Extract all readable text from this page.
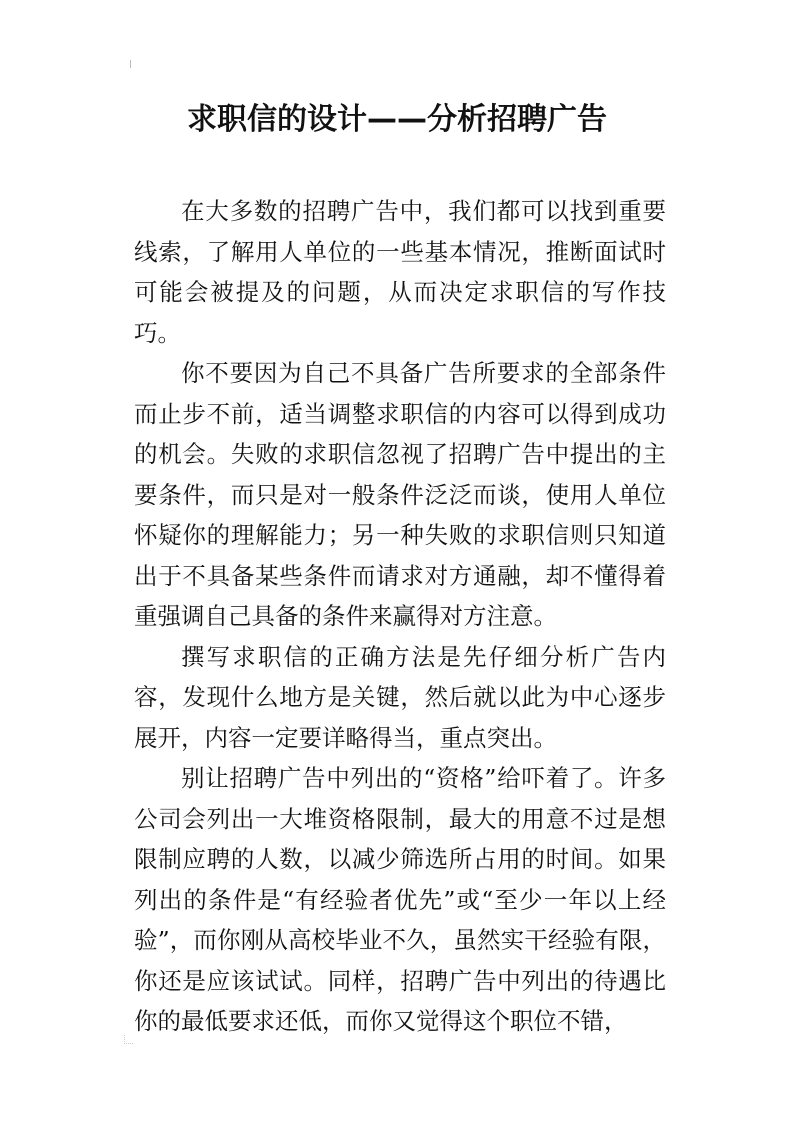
求职信的设计——分析招聘广告

在大多数的招聘广告中，我们都可以找到重要线索，了解用人单位的一些基本情况，推断面试时可能会被提及的问题，从而决定求职信的写作技巧。

你不要因为自己不具备广告所要求的全部条件而止步不前，适当调整求职信的内容可以得到成功的机会。失败的求职信忽视了招聘广告中提出的主要条件，而只是对一般条件泛泛而谈，使用人单位怀疑你的理解能力；另一种失败的求职信则只知道出于不具备某些条件而请求对方通融，却不懂得着重强调自己具备的条件来赢得对方注意。

撰写求职信的正确方法是先仔细分析广告内容，发现什么地方是关键，然后就以此为中心逐步展开，内容一定要详略得当，重点突出。

别让招聘广告中列出的“资格”给吓着了。许多公司会列出一大堆资格限制，最大的用意不过是想限制应聘的人数，以减少筛选所占用的时间。如果列出的条件是“有经验者优先”或“至少一年以上经验”，而你刚从高校毕业不久，虽然实干经验有限，你还是应该试试。同样，招聘广告中列出的待遇比你的最低要求还低，而你又觉得这个职位不错，
